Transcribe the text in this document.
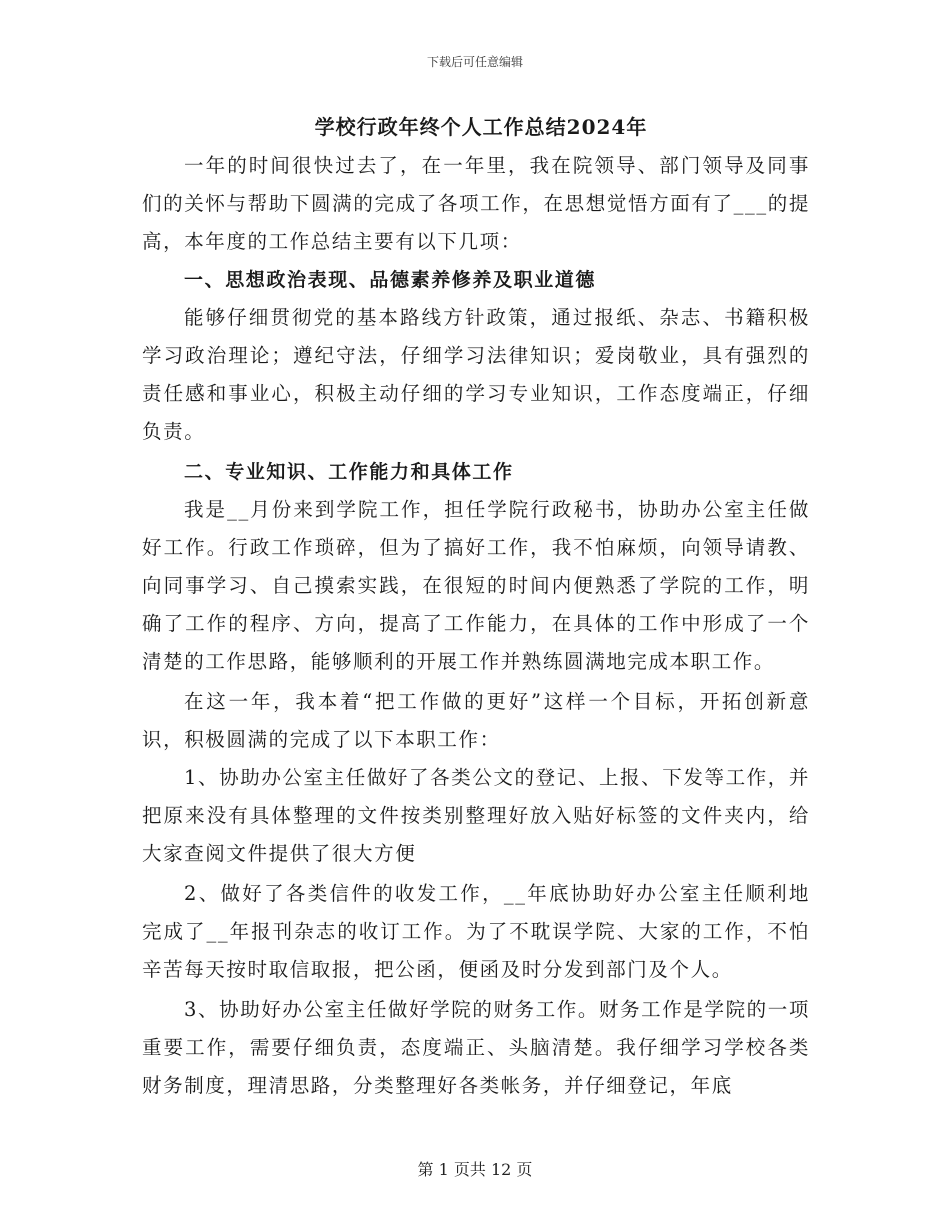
下载后可任意编辑
学校行政年终个人工作总结2024年

一年的时间很快过去了，在一年里，我在院领导、部门领导及同事们的关怀与帮助下圆满的完成了各项工作，在思想觉悟方面有了___的提高，本年度的工作总结主要有以下几项：

一、思想政治表现、品德素养修养及职业道德

能够仔细贯彻党的基本路线方针政策，通过报纸、杂志、书籍积极学习政治理论；遵纪守法，仔细学习法律知识；爱岗敬业，具有强烈的责任感和事业心，积极主动仔细的学习专业知识，工作态度端正，仔细负责。

二、专业知识、工作能力和具体工作

我是__月份来到学院工作，担任学院行政秘书，协助办公室主任做好工作。行政工作琐碎，但为了搞好工作，我不怕麻烦，向领导请教、向同事学习、自己摸索实践，在很短的时间内便熟悉了学院的工作，明确了工作的程序、方向，提高了工作能力，在具体的工作中形成了一个清楚的工作思路，能够顺利的开展工作并熟练圆满地完成本职工作。

在这一年，我本着“把工作做的更好”这样一个目标，开拓创新意识，积极圆满的完成了以下本职工作：

1、协助办公室主任做好了各类公文的登记、上报、下发等工作，并把原来没有具体整理的文件按类别整理好放入贴好标签的文件夹内，给大家查阅文件提供了很大方便

2、做好了各类信件的收发工作，__年底协助好办公室主任顺利地完成了__年报刊杂志的收订工作。为了不耽误学院、大家的工作，不怕辛苦每天按时取信取报，把公函，便函及时分发到部门及个人。

3、协助好办公室主任做好学院的财务工作。财务工作是学院的一项重要工作，需要仔细负责，态度端正、头脑清楚。我仔细学习学校各类财务制度，理清思路，分类整理好各类帐务，并仔细登记，年底

第 1 页共 12 页
